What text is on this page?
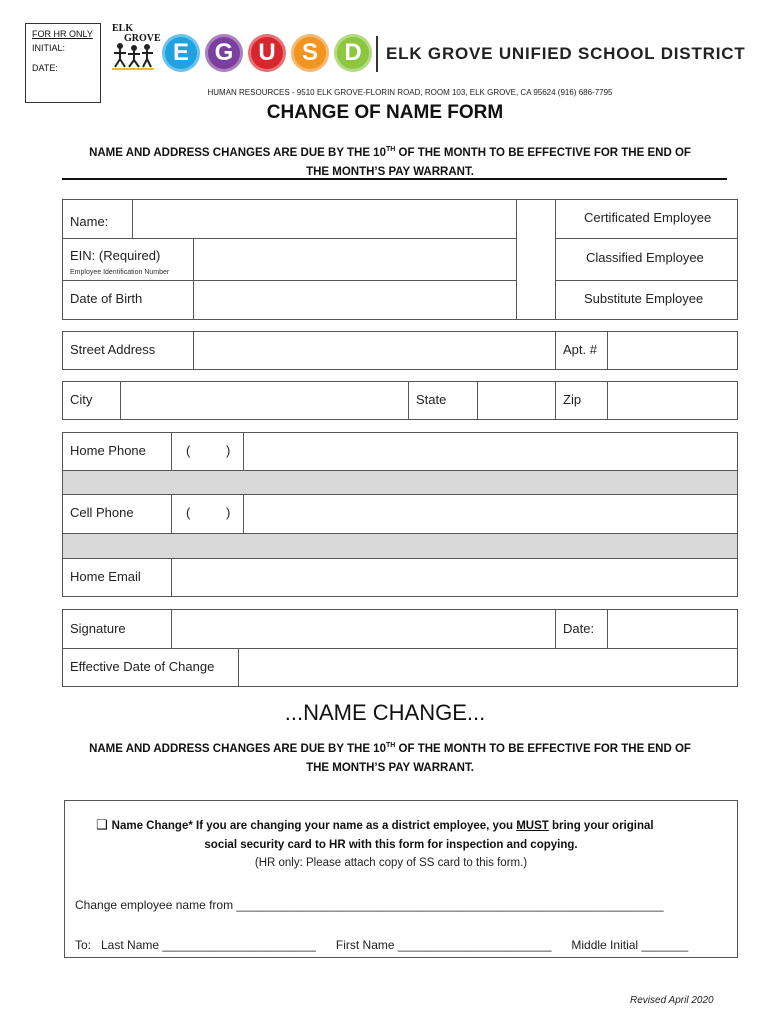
FOR HR ONLY
INITIAL:
DATE:
ELK
GROVE
E G U S D ELK GROVE UNIFIED SCHOOL DISTRICT
HUMAN RESOURCES - 9510 ELK GROVE-FLORIN ROAD, ROOM 103, ELK GROVE, CA 95624 (916) 686-7795
CHANGE OF NAME FORM
NAME AND ADDRESS CHANGES ARE DUE BY THE 10TH OF THE MONTH TO BE EFFECTIVE FOR THE END OF
THE MONTH’S PAY WARRANT.
Name:
EIN: (Required)
Employee Identification Number
Date of Birth
Certificated Employee
Classified Employee
Substitute Employee
Street Address	Apt. #
City	State	Zip
Home Phone	(	)
Cell Phone	(	)
Home Email
Signature	Date:
Effective Date of Change
...NAME CHANGE...
NAME AND ADDRESS CHANGES ARE DUE BY THE 10TH OF THE MONTH TO BE EFFECTIVE FOR THE END OF
THE MONTH’S PAY WARRANT.
❑ Name Change* If you are changing your name as a district employee, you MUST bring your original
social security card to HR with this form for inspection and copying.
(HR only: Please attach copy of SS card to this form.)
Change employee name from ________________________________________________________________
To:   Last Name _______________________      First Name _______________________      Middle Initial _______
Revised April 2020
